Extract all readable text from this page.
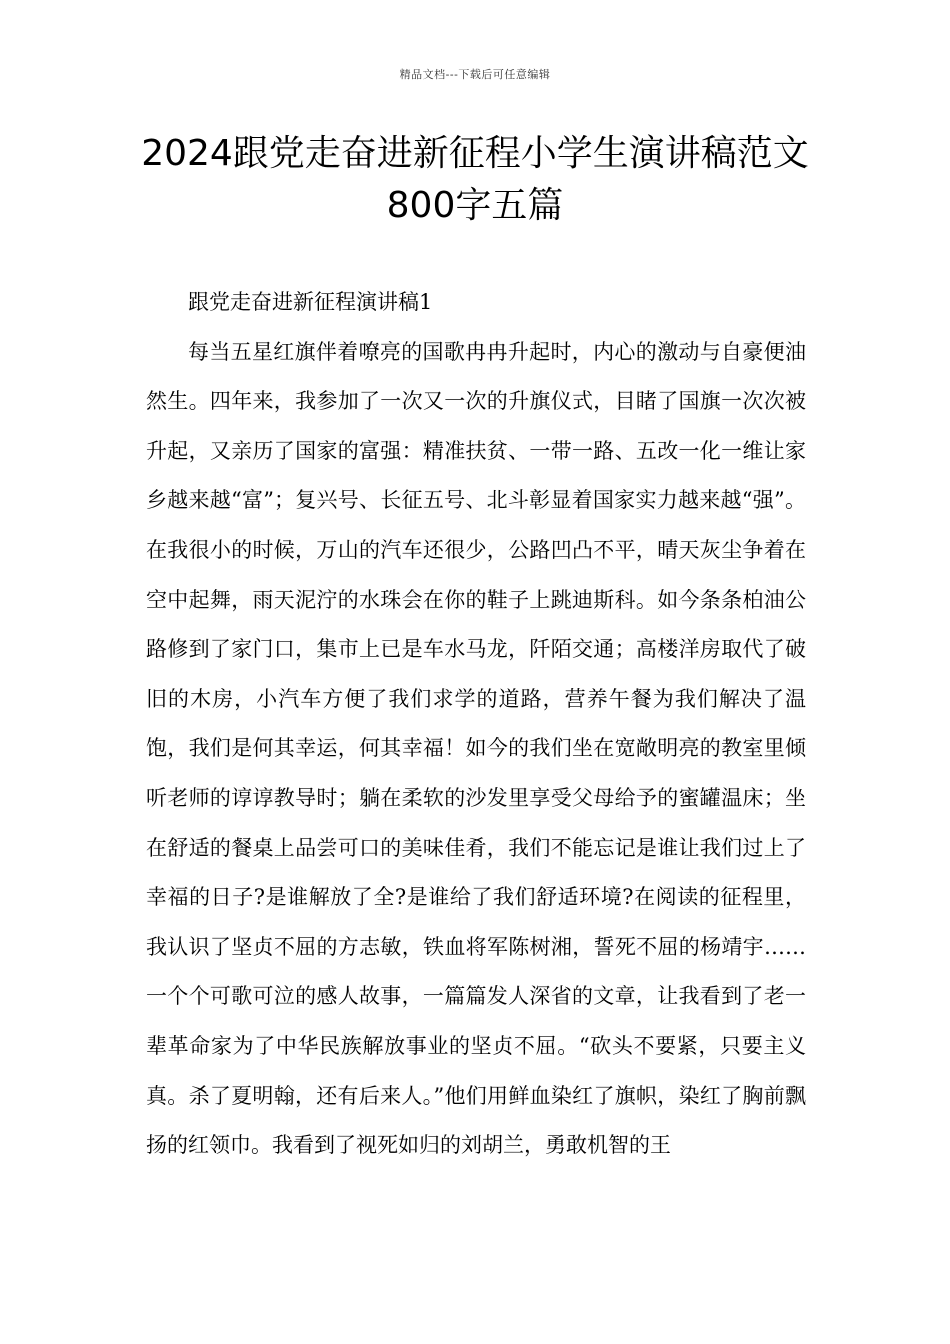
精品文档---下载后可任意编辑
2024跟党走奋进新征程小学生演讲稿范文800字五篇

跟党走奋进新征程演讲稿1

每当五星红旗伴着嘹亮的国歌冉冉升起时，内心的激动与自豪便油然生。四年来，我参加了一次又一次的升旗仪式，目睹了国旗一次次被升起，又亲历了国家的富强：精准扶贫、一带一路、五改一化一维让家乡越来越“富”；复兴号、长征五号、北斗彰显着国家实力越来越“强”。在我很小的时候，万山的汽车还很少，公路凹凸不平，晴天灰尘争着在空中起舞，雨天泥泞的水珠会在你的鞋子上跳迪斯科。如今条条柏油公路修到了家门口，集市上已是车水马龙，阡陌交通；高楼洋房取代了破旧的木房，小汽车方便了我们求学的道路，营养午餐为我们解决了温饱，我们是何其幸运，何其幸福！如今的我们坐在宽敞明亮的教室里倾听老师的谆谆教导时；躺在柔软的沙发里享受父母给予的蜜罐温床；坐在舒适的餐桌上品尝可口的美味佳肴，我们不能忘记是谁让我们过上了幸福的日子?是谁解放了全?是谁给了我们舒适环境?在阅读的征程里，我认识了坚贞不屈的方志敏，铁血将军陈树湘，誓死不屈的杨靖宇……一个个可歌可泣的感人故事，一篇篇发人深省的文章，让我看到了老一辈革命家为了中华民族解放事业的坚贞不屈。“砍头不要紧，只要主义真。杀了夏明翰，还有后来人。”他们用鲜血染红了旗帜，染红了胸前飘扬的红领巾。我看到了视死如归的刘胡兰，勇敢机智的王
